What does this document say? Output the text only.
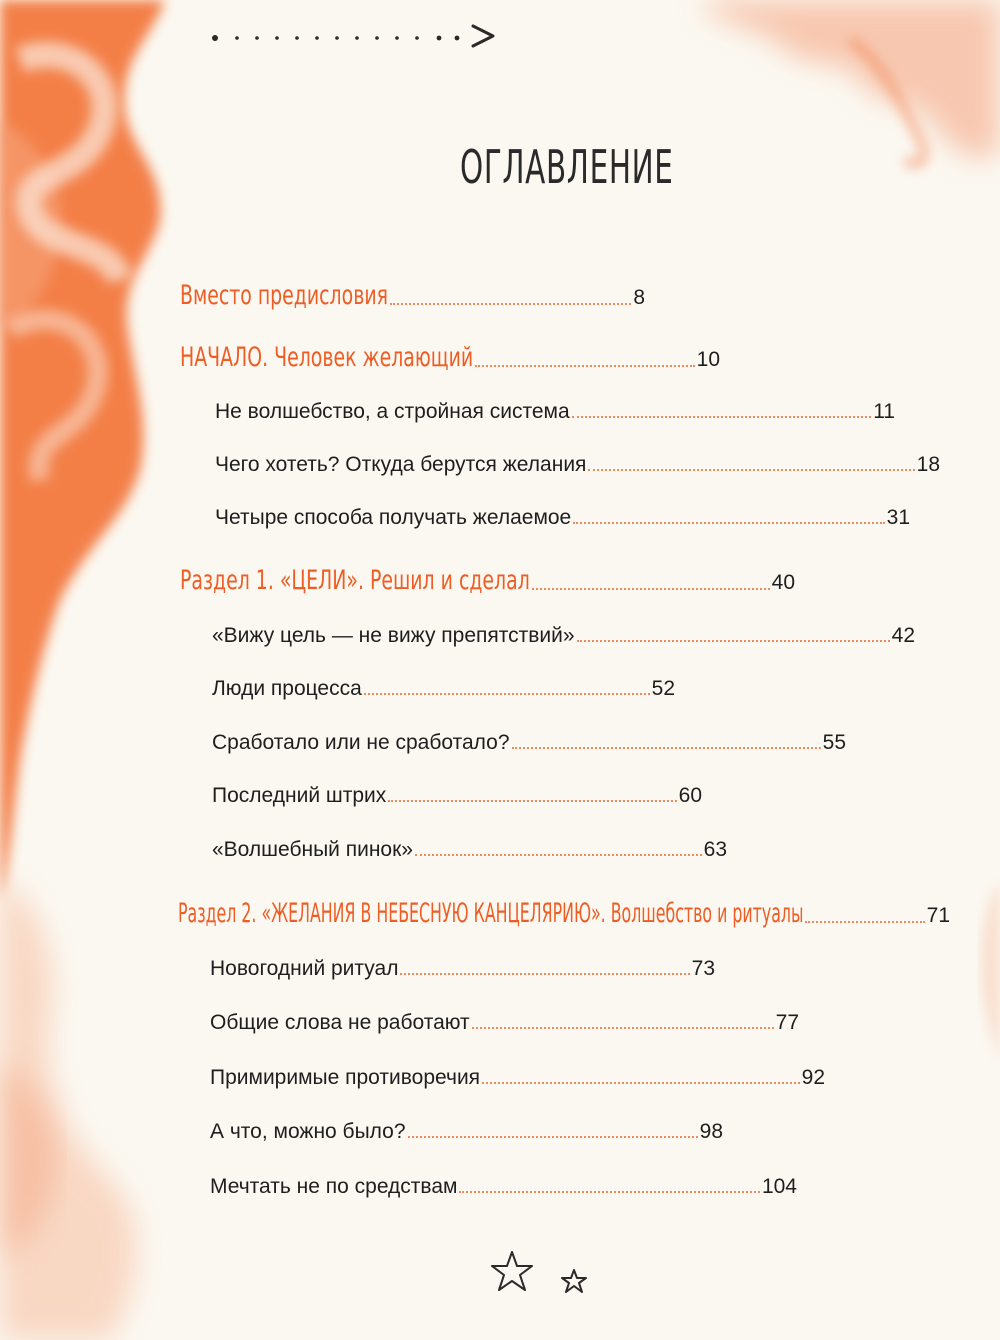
ОГЛАВЛЕНИЕ
Вместо предисловия	8
НАЧАЛО. Человек желающий	10
Не волшебство, а стройная система	11
Чего хотеть? Откуда берутся желания	18
Четыре способа получать желаемое	31
Раздел 1. «ЦЕЛИ». Решил и сделал	40
«Вижу цель — не вижу препятствий»	42
Люди процесса	52
Сработало или не сработало?	55
Последний штрих	60
«Волшебный пинок»	63
Раздел 2. «ЖЕЛАНИЯ В НЕБЕСНУЮ КАНЦЕЛЯРИЮ». Волшебство и ритуалы	71
Новогодний ритуал	73
Общие слова не работают	77
Примиримые противоречия	92
А что, можно было?	98
Мечтать не по средствам	104
